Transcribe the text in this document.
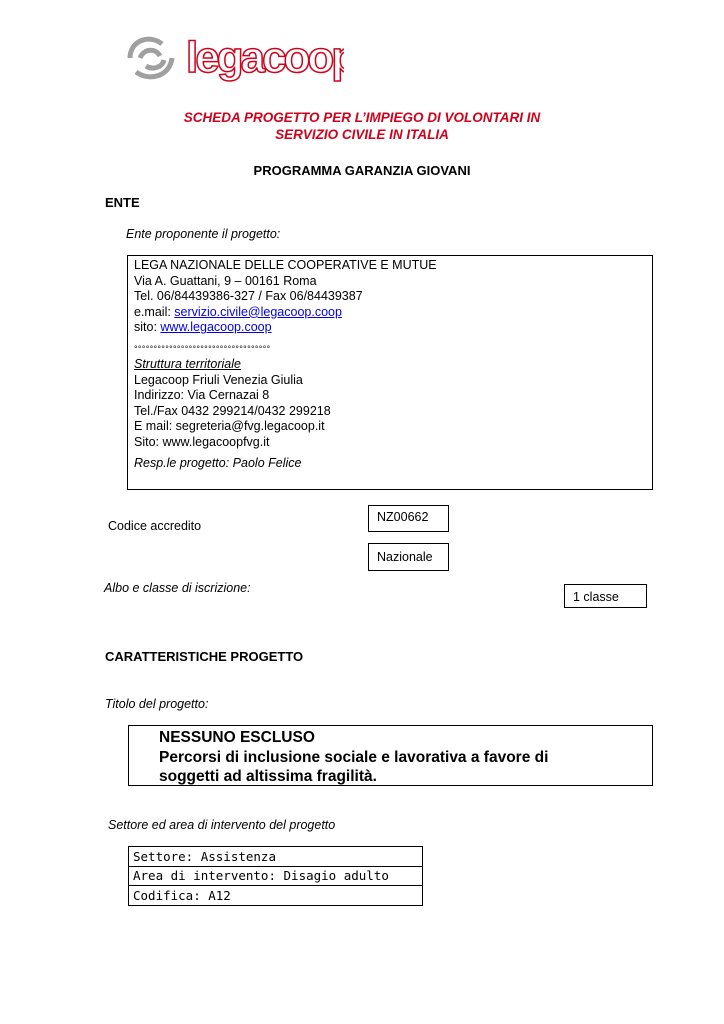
legacoop
SCHEDA PROGETTO PER L’IMPIEGO DI VOLONTARI IN
SERVIZIO CIVILE IN ITALIA
PROGRAMMA GARANZIA GIOVANI
ENTE
Ente proponente il progetto:
LEGA NAZIONALE DELLE COOPERATIVE E MUTUE
Via A. Guattani, 9 – 00161 Roma
Tel. 06/84439386-327 / Fax 06/84439387
e.mail: servizio.civile@legacoop.coop
sito: www.legacoop.coop
°°°°°°°°°°°°°°°°°°°°°°°°°°°°°°°°°°°
Struttura territoriale
Legacoop Friuli Venezia Giulia
Indirizzo: Via Cernazai 8
Tel./Fax 0432 299214/0432 299218
E mail: segreteria@fvg.legacoop.it
Sito: www.legacoopfvg.it
Resp.le progetto: Paolo Felice
Codice accredito
NZ00662
Nazionale
Albo e classe di iscrizione:
1 classe
CARATTERISTICHE PROGETTO
Titolo del progetto:
NESSUNO ESCLUSO
Percorsi di inclusione sociale e lavorativa a favore di
soggetti ad altissima fragilità.
Settore ed area di intervento del progetto
Settore: Assistenza
Area di intervento: Disagio adulto
Codifica: A12
